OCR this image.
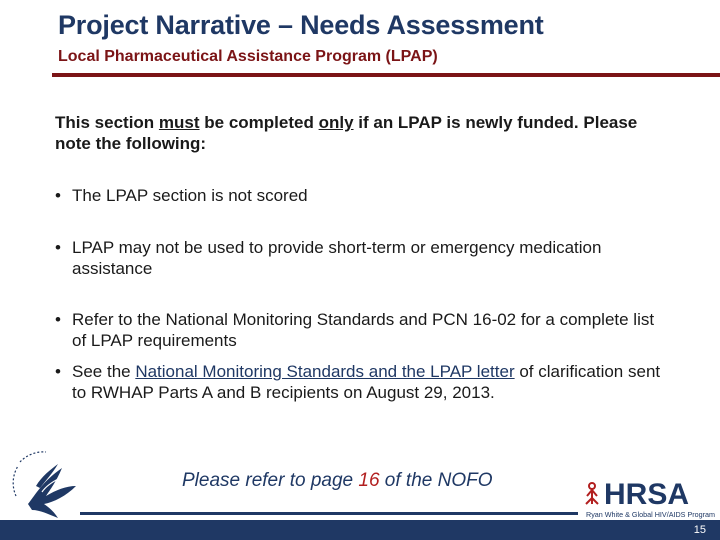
Project Narrative – Needs Assessment
Local Pharmaceutical Assistance Program (LPAP)
This section must be completed only if an LPAP is newly funded. Please note the following:
• The LPAP section is not scored
• LPAP may not be used to provide short-term or emergency medication assistance
• Refer to the National Monitoring Standards and PCN 16-02 for a complete list of LPAP requirements
• See the National Monitoring Standards and the LPAP letter of clarification sent to RWHAP Parts A and B recipients on August 29, 2013.
Please refer to page 16 of the NOFO	HRSA
Ryan White & Global HIV/AIDS Program
15
